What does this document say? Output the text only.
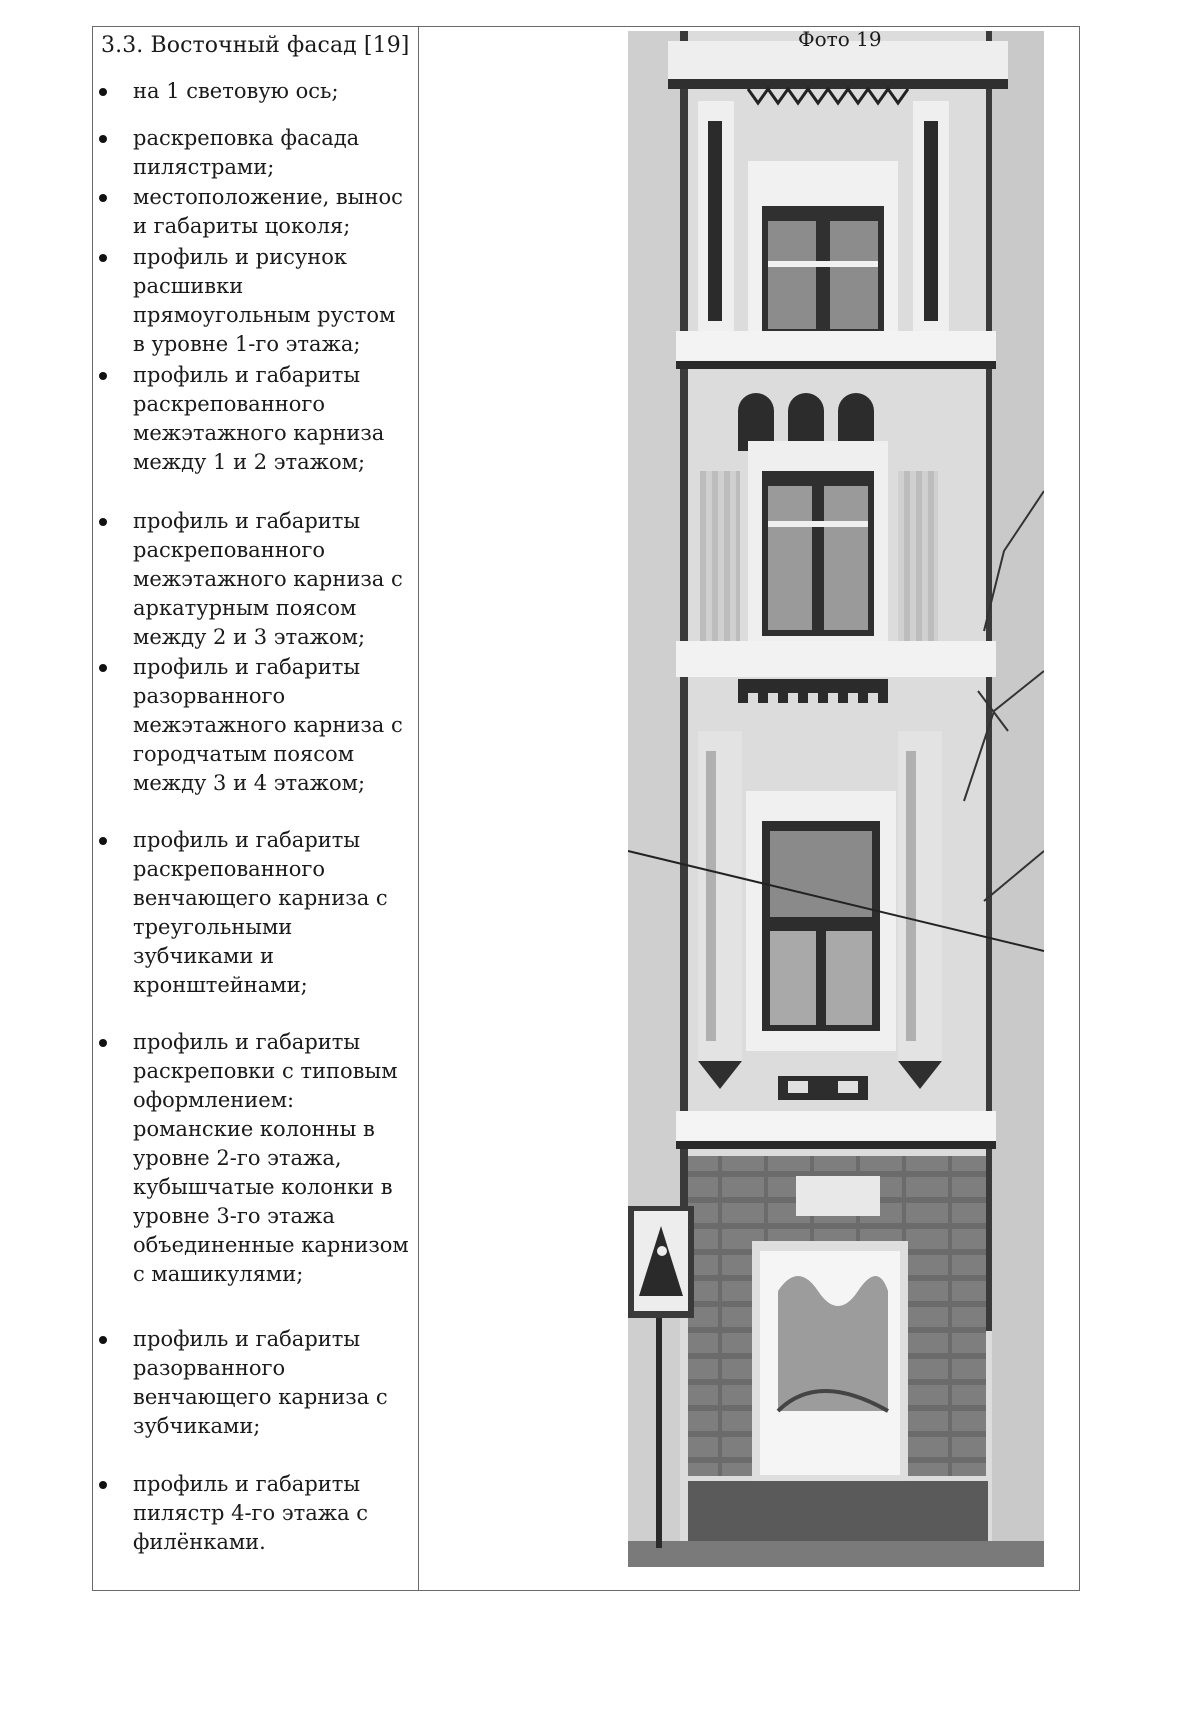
3.3. Восточный фасад [19]
на 1 световую ось;
раскреповка фасада пилястрами;
местоположение, вынос и габариты цоколя;
профиль и рисунок расшивки прямоугольным рустом в уровне 1-го этажа;
профиль и габариты раскрепованного межэтажного карниза между 1 и 2 этажом;
профиль и габариты раскрепованного межэтажного карниза с аркатурным поясом между 2 и 3 этажом;
профиль и габариты разорванного межэтажного карниза с городчатым поясом между 3 и 4 этажом;
профиль и габариты раскрепованного венчающего карниза с треугольными зубчиками и кронштейнами;
профиль и габариты раскреповки с типовым оформлением: романские колонны в уровне 2-го этажа, кубышчатые колонки в уровне 3-го этажа объединенные карнизом с машикулями;
профиль и габариты разорванного венчающего карниза с зубчиками;
профиль и габариты пилястр 4-го этажа с филёнками.
Фото 19
